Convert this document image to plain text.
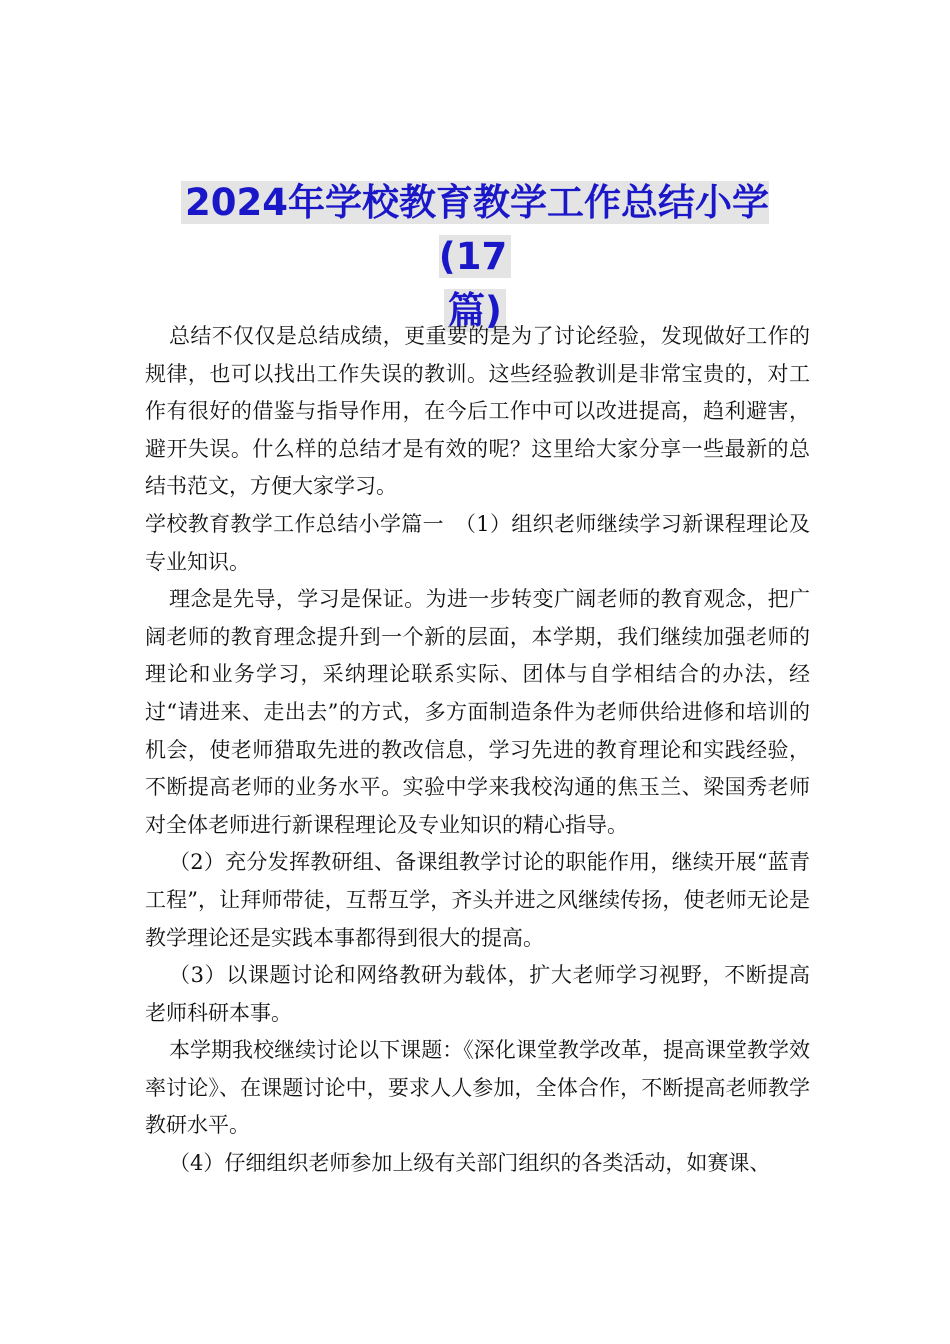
2024年学校教育教学工作总结小学(17
篇)

总结不仅仅是总结成绩，更重要的是为了讨论经验，发现做好工作的规律，也可以找出工作失误的教训。这些经验教训是非常宝贵的，对工作有很好的借鉴与指导作用，在今后工作中可以改进提高，趋利避害，避开失误。什么样的总结才是有效的呢？这里给大家分享一些最新的总结书范文，方便大家学习。

学校教育教学工作总结小学篇一　（1）组织老师继续学习新课程理论及专业知识。

理念是先导，学习是保证。为进一步转变广阔老师的教育观念，把广阔老师的教育理念提升到一个新的层面，本学期，我们继续加强老师的理论和业务学习，采纳理论联系实际、团体与自学相结合的办法，经过“请进来、走出去”的方式，多方面制造条件为老师供给进修和培训的机会，使老师猎取先进的教改信息，学习先进的教育理论和实践经验，不断提高老师的业务水平。实验中学来我校沟通的焦玉兰、梁国秀老师对全体老师进行新课程理论及专业知识的精心指导。

（2）充分发挥教研组、备课组教学讨论的职能作用，继续开展“蓝青工程”，让拜师带徒，互帮互学，齐头并进之风继续传扬，使老师无论是教学理论还是实践本事都得到很大的提高。

（3）以课题讨论和网络教研为载体，扩大老师学习视野，不断提高老师科研本事。

本学期我校继续讨论以下课题：《深化课堂教学改革，提高课堂教学效率讨论》、在课题讨论中，要求人人参加，全体合作，不断提高老师教学教研水平。

（4）仔细组织老师参加上级有关部门组织的各类活动，如赛课、
